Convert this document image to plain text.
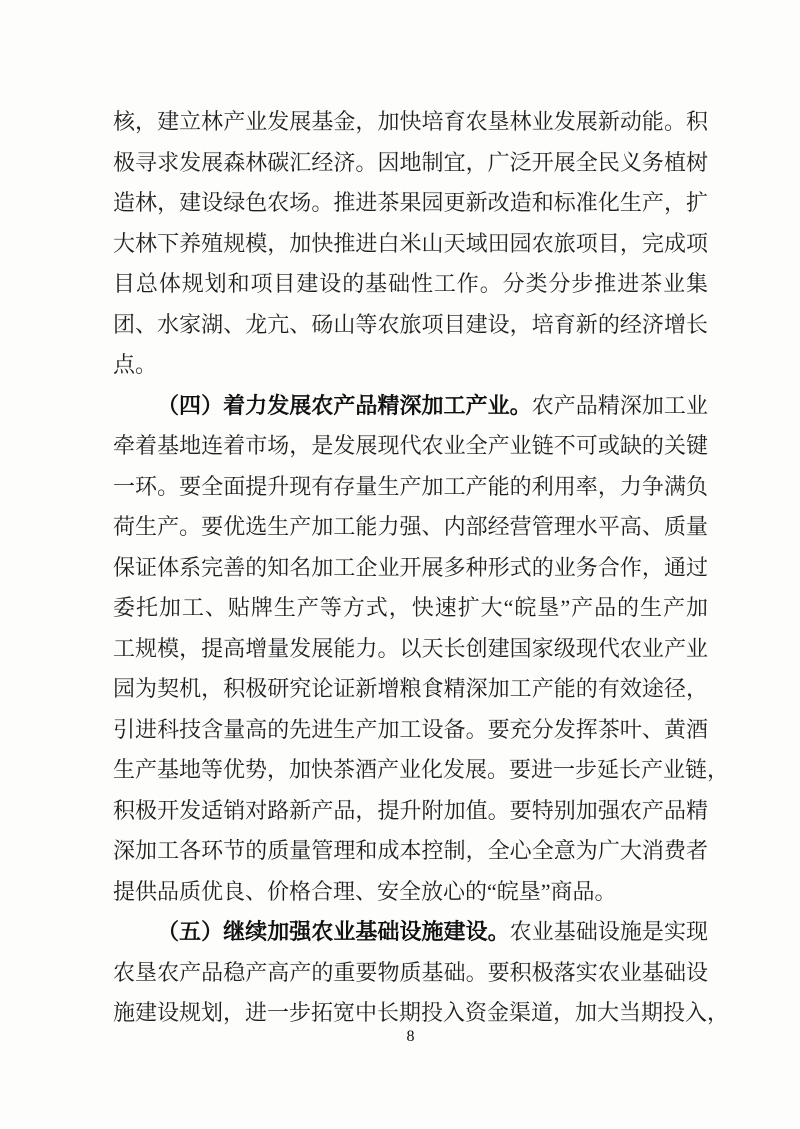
核，建立林产业发展基金，加快培育农垦林业发展新动能。积
极寻求发展森林碳汇经济。因地制宜，广泛开展全民义务植树
造林，建设绿色农场。推进茶果园更新改造和标准化生产，扩
大林下养殖规模，加快推进白米山天域田园农旅项目，完成项
目总体规划和项目建设的基础性工作。分类分步推进茶业集
团、水家湖、龙亢、砀山等农旅项目建设，培育新的经济增长
点。
（四）着力发展农产品精深加工产业。农产品精深加工业
牵着基地连着市场，是发展现代农业全产业链不可或缺的关键
一环。要全面提升现有存量生产加工产能的利用率，力争满负
荷生产。要优选生产加工能力强、内部经营管理水平高、质量
保证体系完善的知名加工企业开展多种形式的业务合作，通过
委托加工、贴牌生产等方式，快速扩大“皖垦”产品的生产加
工规模，提高增量发展能力。以天长创建国家级现代农业产业
园为契机，积极研究论证新增粮食精深加工产能的有效途径，
引进科技含量高的先进生产加工设备。要充分发挥茶叶、黄酒
生产基地等优势，加快茶酒产业化发展。要进一步延长产业链，
积极开发适销对路新产品，提升附加值。要特别加强农产品精
深加工各环节的质量管理和成本控制，全心全意为广大消费者
提供品质优良、价格合理、安全放心的“皖垦”商品。
（五）继续加强农业基础设施建设。农业基础设施是实现
农垦农产品稳产高产的重要物质基础。要积极落实农业基础设
施建设规划，进一步拓宽中长期投入资金渠道，加大当期投入，
8
